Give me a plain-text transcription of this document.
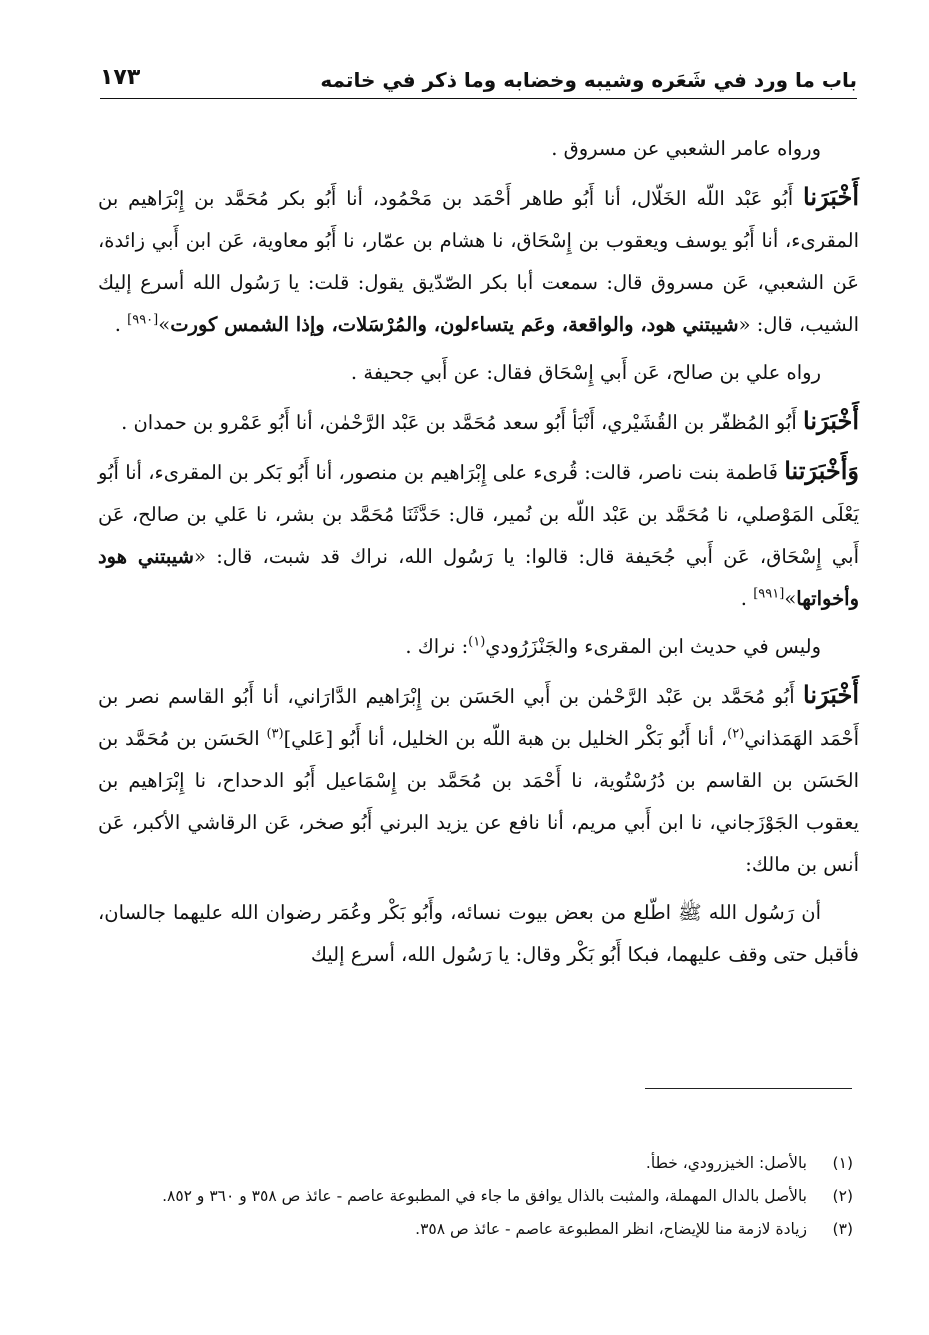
باب ما ورد في شَعَره وشيبه وخضابه وما ذكر في خاتمه
١٧٣

ورواه عامر الشعبي عن مسروق .

أَخْبَرَنا أَبُو عَبْد اللّه الخَلّال، أنا أَبُو طاهر أَحْمَد بن مَحْمُود، أنا أَبُو بكر مُحَمَّد بن إِبْرَاهيم بن المقرىء، أنا أَبُو يوسف ويعقوب بن إِسْحَاق، نا هشام بن عمّار، نا أَبُو معاوية، عَن ابن أَبي زائدة، عَن الشعبي، عَن مسروق قال: سمعت أبا بكر الصّدّيق يقول: قلت: يا رَسُول الله أسرع إليك الشيب، قال: «شيبتني هود، والواقعة، وعَم يتساءلون، والمُرْسَلات، وإذا الشمس كورت»[٩٩٠] .

رواه علي بن صالح، عَن أَبي إِسْحَاق فقال: عن أَبي جحيفة .

أَخْبَرَنا أَبُو المُظفّر بن القُشَيْري، أَنْبَأ أَبُو سعد مُحَمَّد بن عَبْد الرَّحْمٰن، أنا أَبُو عَمْرو بن حمدان .

وَأَخْبَرَتنا فَاطمة بنت ناصر، قالت: قُرىء على إِبْرَاهيم بن منصور، أنا أَبُو بَكر بن المقرىء، أنا أَبُو يَعْلَى المَوْصلي، نا مُحَمَّد بن عَبْد اللّه بن نُمير، قال: حَدَّثَنَا مُحَمَّد بن بشر، نا عَلي بن صالح، عَن أَبي إِسْحَاق، عَن أَبي جُحَيفة قال: قالوا: يا رَسُول الله، نراك قد شبت، قال: «شيبتني هود وأخواتها»[٩٩١] .

وليس في حديث ابن المقرىء والجَنْزَرُودي$^{(١)}$: نراك .

أَخْبَرَنا أَبُو مُحَمَّد بن عَبْد الرَّحْمٰن بن أَبي الحَسَن بن إِبْرَاهيم الدَّارَاني، أنا أَبُو القاسم نصر بن أَحْمَد الهَمَذاني$^{(٢)}$، أنا أَبُو بَكْر الخليل بن هبة اللّه بن الخليل، أنا أَبُو [عَلي]$^{(٣)}$ الحَسَن بن مُحَمَّد بن الحَسَن بن القاسم بن دُرُسْتُوية، نا أَحْمَد بن مُحَمَّد بن إِسْمَاعيل أَبُو الدحداح، نا إِبْرَاهيم بن يعقوب الجَوْزَجاني، نا ابن أَبي مريم، أنا نافع عن يزيد البرني أَبُو صخر، عَن الرقاشي الأكبر، عَن أنس بن مالك:

أن رَسُول الله ﷺ اطّلع من بعض بيوت نسائه، وأَبُو بَكْر وعُمَر رضوان الله عليهما جالسان، فأقبل حتى وقف عليهما، فبكا أَبُو بَكْر وقال: يا رَسُول الله، أسرع إليك

(١)
بالأصل: الخيزرودي، خطأ.
(٢)
بالأصل بالدال المهملة، والمثبت بالذال يوافق ما جاء في المطبوعة عاصم - عائذ ص ٣٥٨ و ٣٦٠ و ٨٥٢.
(٣)
زيادة لازمة منا للإيضاح، انظر المطبوعة عاصم - عائذ ص ٣٥٨.
